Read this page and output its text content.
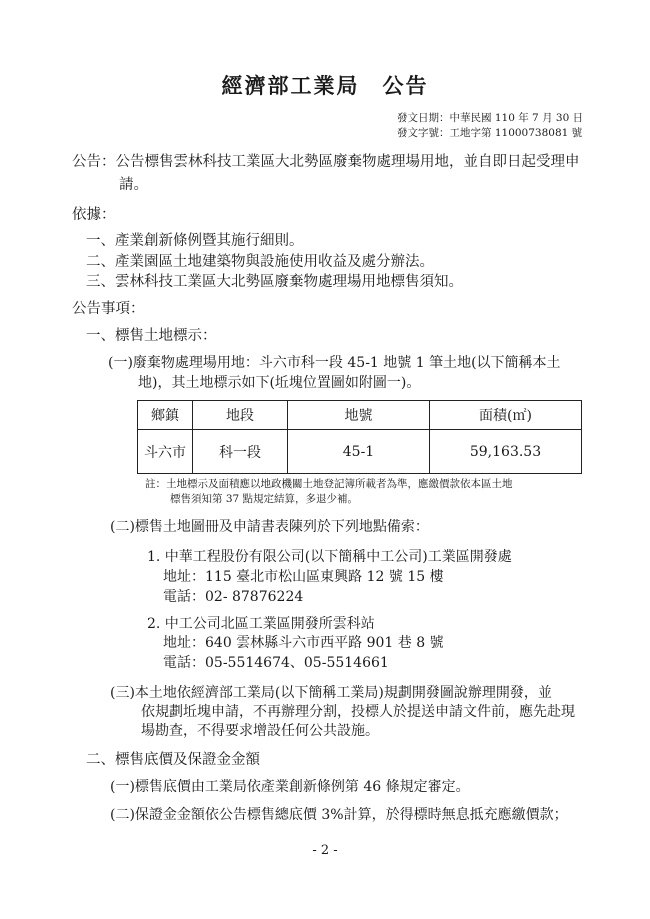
經濟部工業局　公告
發文日期：中華民國 110 年 7 月 30 日
發文字號：工地字第 11000738081 號
公告：公告標售雲林科技工業區大北勢區廢棄物處理場用地，並自即日起受理申
請。
依據：
一、產業創新條例暨其施行細則。
二、產業園區土地建築物與設施使用收益及處分辦法。
三、雲林科技工業區大北勢區廢棄物處理場用地標售須知。
公告事項：
一、標售土地標示：
(一)廢棄物處理場用地：斗六市科一段 45-1 地號 1 筆土地(以下簡稱本土
地)，其土地標示如下(坵塊位置圖如附圖一)。
鄉鎮	地段	地號	面積(㎡)
斗六市	科一段	45-1	59,163.53
註：土地標示及面積應以地政機關土地登記簿所載者為準，應繳價款依本區土地
標售須知第 37 點規定結算，多退少補。
(二)標售土地圖冊及申請書表陳列於下列地點備索：
1. 中華工程股份有限公司(以下簡稱中工公司)工業區開發處
地址：115 臺北市松山區東興路 12 號 15 樓
電話：02- 87876224
2. 中工公司北區工業區開發所雲科站
地址：640 雲林縣斗六市西平路 901 巷 8 號
電話：05-5514674、05-5514661
(三)本土地依經濟部工業局(以下簡稱工業局)規劃開發圖說辦理開發，並
依規劃坵塊申請，不再辦理分割，投標人於提送申請文件前，應先赴現
場勘查，不得要求增設任何公共設施。
二、標售底價及保證金金額
(一)標售底價由工業局依產業創新條例第 46 條規定審定。
(二)保證金金額依公告標售總底價 3%計算，於得標時無息抵充應繳價款；
- 2 -
